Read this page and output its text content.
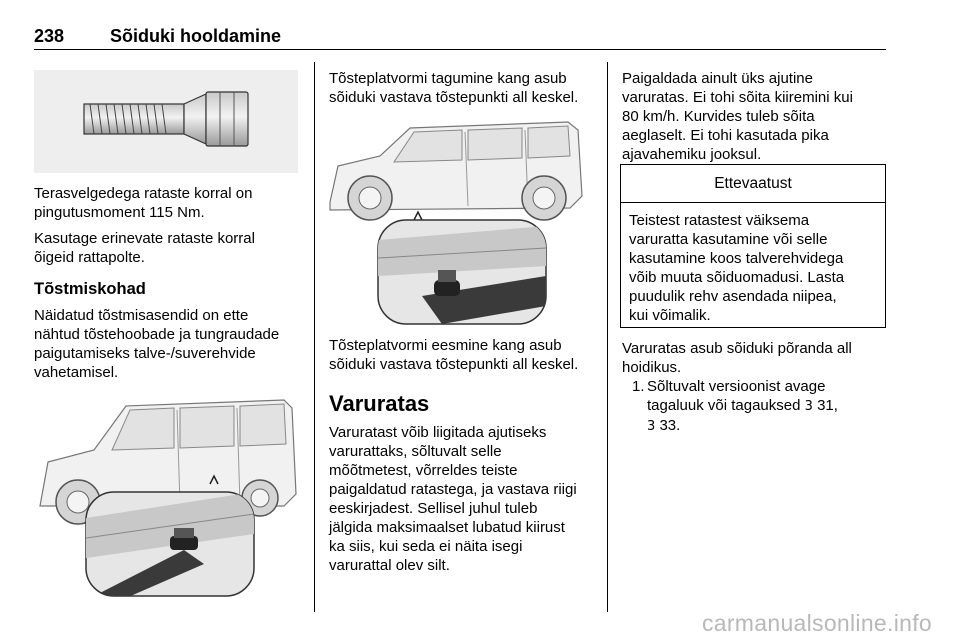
238	Sõiduki hooldamine

Terasvelgedega rataste korral on

pingutusmoment 115 Nm.

Kasutage erinevate rataste korral

õigeid rattapolte.

Tõstmiskohad

Näidatud tõstmisasendid on ette

nähtud tõstehoobade ja tungraudade

paigutamiseks talve-/suverehvide

vahetamisel.

Tõsteplatvormi tagumine kang asub

sõiduki vastava tõstepunkti all keskel.

Tõsteplatvormi eesmine kang asub

sõiduki vastava tõstepunkti all keskel.

Varuratas

Varuratast võib liigitada ajutiseks

varurattaks, sõltuvalt selle

mõõtmetest, võrreldes teiste

paigaldatud ratastega, ja vastava riigi

eeskirjadest. Sellisel juhul tuleb

jälgida maksimaalset lubatud kiirust

ka siis, kui seda ei näita isegi

varurattal olev silt.

Paigaldada ainult üks ajutine

varuratas. Ei tohi sõita kiiremini kui

80 km/h. Kurvides tuleb sõita

aeglaselt. Ei tohi kasutada pika

ajavahemiku jooksul.

Ettevaatust

Teistest ratastest väiksema

varuratta kasutamine või selle

kasutamine koos talverehvidega

võib muuta sõiduomadusi. Lasta

puudulik rehv asendada niipea,

kui võimalik.

Varuratas asub sõiduki põranda all

hoidikus.

1. Sõltuvalt versioonist avage

tagaluuk või tagauksed 3 31,

3 33.

carmanualsonline.info
